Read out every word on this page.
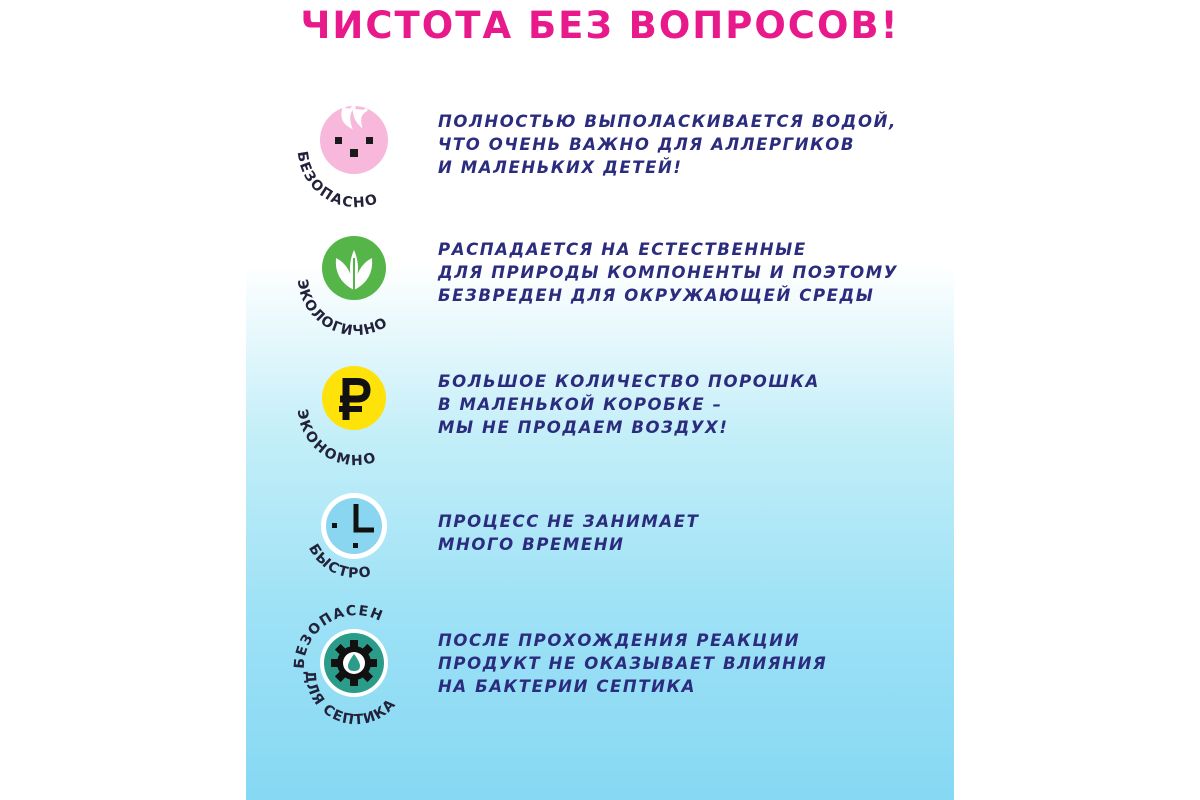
ЧИСТОТА БЕЗ ВОПРОСОВ!
БЕЗОПАСНО

ПОЛНОСТЬЮ ВЫПОЛАСКИВАЕТСЯ ВОДОЙ,
ЧТО ОЧЕНЬ ВАЖНО ДЛЯ АЛЛЕРГИКОВ
И МАЛЕНЬКИХ ДЕТЕЙ!

ЭКОЛОГИЧНО

РАСПАДАЕТСЯ НА ЕСТЕСТВЕННЫЕ
ДЛЯ ПРИРОДЫ КОМПОНЕНТЫ И ПОЭТОМУ
БЕЗВРЕДЕН ДЛЯ ОКРУЖАЮЩЕЙ СРЕДЫ

ЭКОНОМНО

БОЛЬШОЕ КОЛИЧЕСТВО ПОРОШКА
В МАЛЕНЬКОЙ КОРОБКЕ –
МЫ НЕ ПРОДАЕМ ВОЗДУХ!

БЫСТРО

ПРОЦЕСС НЕ ЗАНИМАЕТ
МНОГО ВРЕМЕНИ

БЕЗОПАСЕН
ДЛЯ СЕПТИКА

ПОСЛЕ ПРОХОЖДЕНИЯ РЕАКЦИИ
ПРОДУКТ НЕ ОКАЗЫВАЕТ ВЛИЯНИЯ
НА БАКТЕРИИ СЕПТИКА
